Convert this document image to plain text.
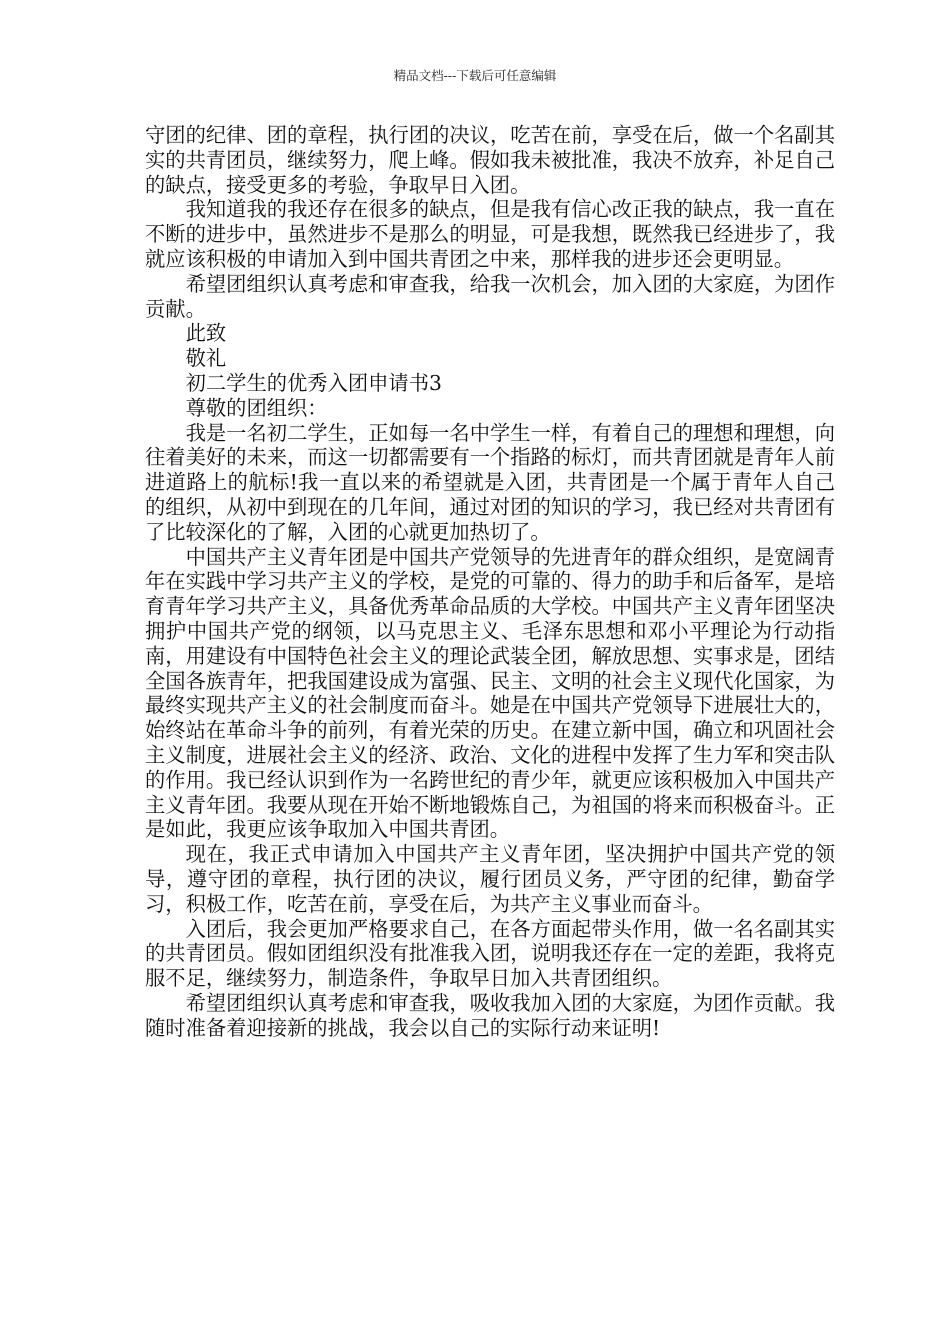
精品文档---下载后可任意编辑

守团的纪律、团的章程，执行团的决议，吃苦在前，享受在后，做一个名副其实的共青团员，继续努力，爬上峰。假如我未被批准，我决不放弃，补足自己的缺点，接受更多的考验，争取早日入团。

我知道我的我还存在很多的缺点，但是我有信心改正我的缺点，我一直在不断的进步中，虽然进步不是那么的明显，可是我想，既然我已经进步了，我就应该积极的申请加入到中国共青团之中来，那样我的进步还会更明显。

希望团组织认真考虑和审查我，给我一次机会，加入团的大家庭，为团作贡献。

此致

敬礼

初二学生的优秀入团申请书3

尊敬的团组织：

我是一名初二学生，正如每一名中学生一样，有着自己的理想和理想，向往着美好的未来，而这一切都需要有一个指路的标灯，而共青团就是青年人前进道路上的航标!我一直以来的希望就是入团，共青团是一个属于青年人自己的组织，从初中到现在的几年间，通过对团的知识的学习，我已经对共青团有了比较深化的了解，入团的心就更加热切了。

中国共产主义青年团是中国共产党领导的先进青年的群众组织，是宽阔青年在实践中学习共产主义的学校，是党的可靠的、得力的助手和后备军，是培育青年学习共产主义，具备优秀革命品质的大学校。中国共产主义青年团坚决拥护中国共产党的纲领，以马克思主义、毛泽东思想和邓小平理论为行动指南，用建设有中国特色社会主义的理论武装全团，解放思想、实事求是，团结全国各族青年，把我国建设成为富强、民主、文明的社会主义现代化国家，为最终实现共产主义的社会制度而奋斗。她是在中国共产党领导下进展壮大的，始终站在革命斗争的前列，有着光荣的历史。在建立新中国，确立和巩固社会主义制度，进展社会主义的经济、政治、文化的进程中发挥了生力军和突击队的作用。我已经认识到作为一名跨世纪的青少年，就更应该积极加入中国共产主义青年团。我要从现在开始不断地锻炼自己，为祖国的将来而积极奋斗。正是如此，我更应该争取加入中国共青团。

现在，我正式申请加入中国共产主义青年团，坚决拥护中国共产党的领导，遵守团的章程，执行团的决议，履行团员义务，严守团的纪律，勤奋学习，积极工作，吃苦在前，享受在后，为共产主义事业而奋斗。

入团后，我会更加严格要求自己，在各方面起带头作用，做一名名副其实的共青团员。假如团组织没有批准我入团，说明我还存在一定的差距，我将克服不足，继续努力，制造条件，争取早日加入共青团组织。

希望团组织认真考虑和审查我，吸收我加入团的大家庭，为团作贡献。我随时准备着迎接新的挑战，我会以自己的实际行动来证明!
